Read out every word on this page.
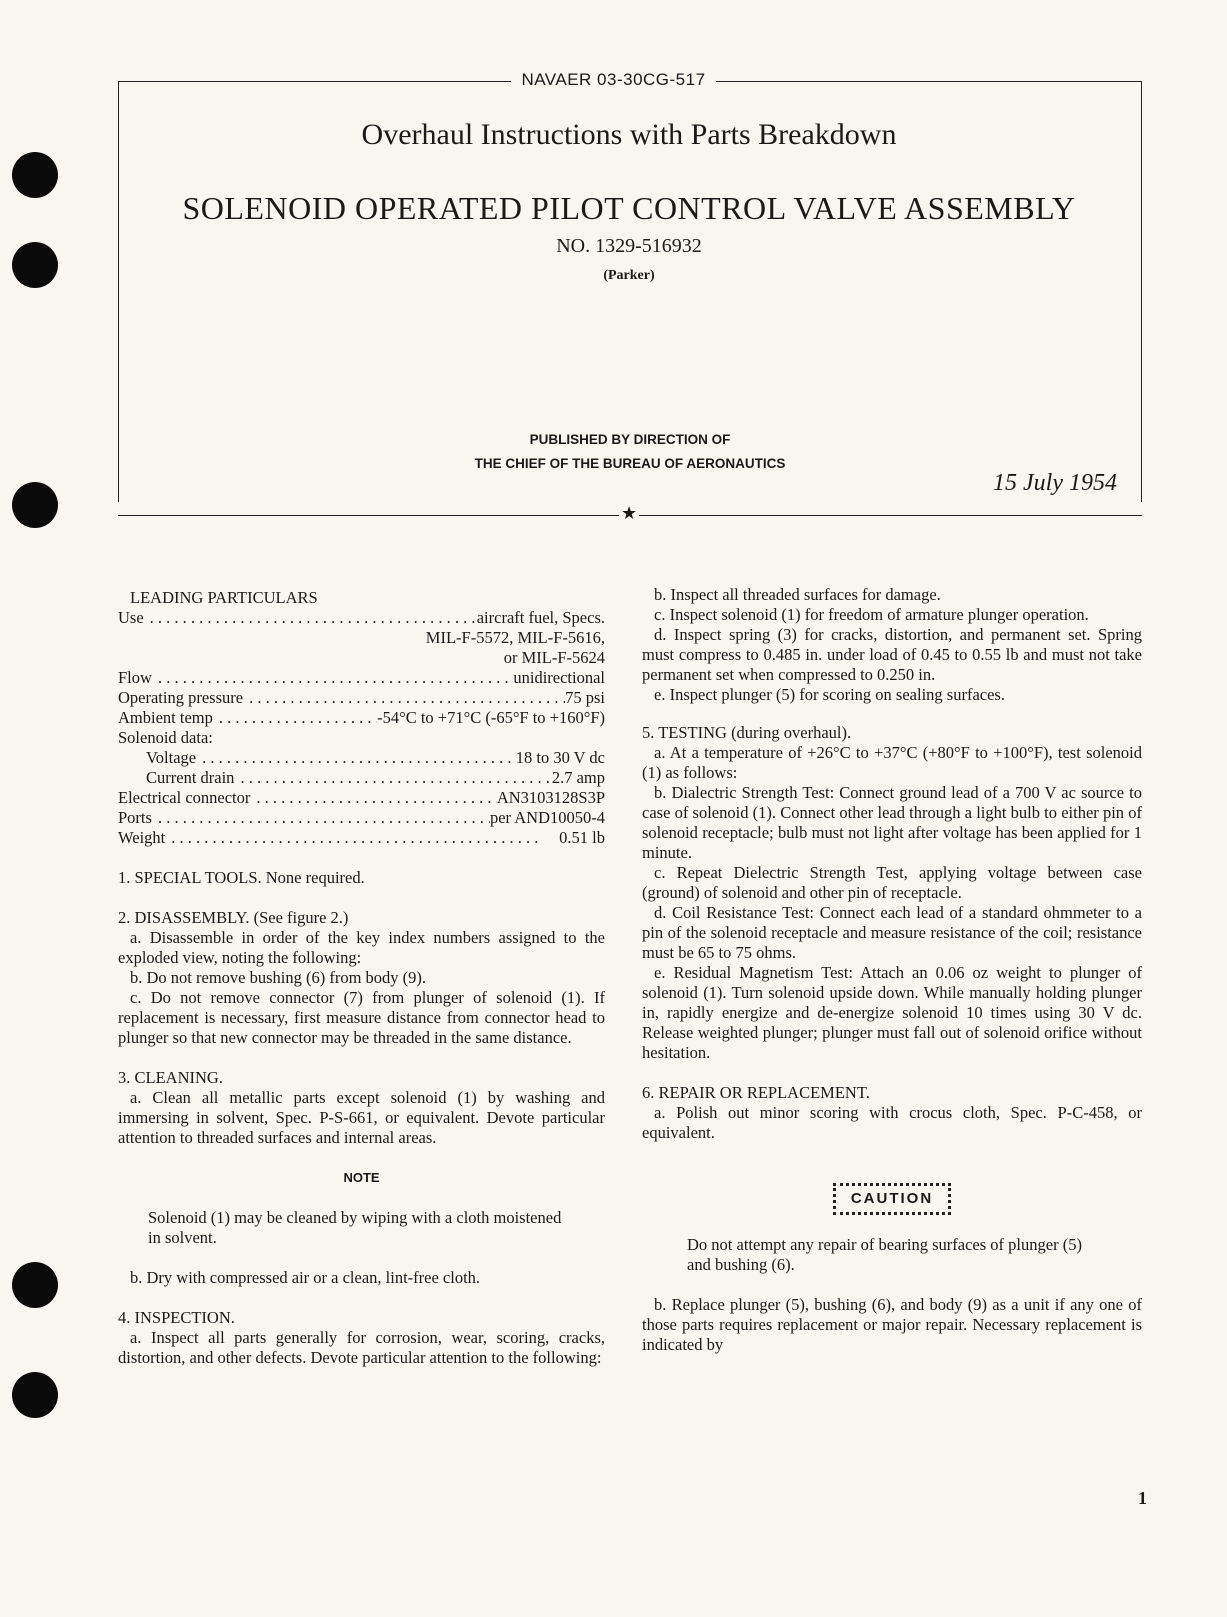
NAVAER 03-30CG-517
Overhaul Instructions with Parts Breakdown
SOLENOID OPERATED PILOT CONTROL VALVE ASSEMBLY
NO. 1329-516932
(Parker)
PUBLISHED BY DIRECTION OF
THE CHIEF OF THE BUREAU OF AERONAUTICS
15 July 1954
★

LEADING PARTICULARS

Use . . .	aircraft fuel, Specs.
MIL-F-5572, MIL-F-5616,
or MIL-F-5624
Flow . . .	unidirectional
Operating pressure . . .	75 psi
Ambient temp . . .	-54°C to +71°C (-65°F to +160°F)
Solenoid data:
Voltage . . .	18 to 30 V dc
Current drain . . .	2.7 amp
Electrical connector . . .	AN3103128S3P
Ports . . .	per AND10050-4
Weight . . .	0.51 lb

1. SPECIAL TOOLS. None required.

2. DISASSEMBLY. (See figure 2.)

a. Disassemble in order of the key index numbers assigned to the exploded view, noting the following:

b. Do not remove bushing (6) from body (9).

c. Do not remove connector (7) from plunger of solenoid (1). If replacement is necessary, first measure distance from connector head to plunger so that new connector may be threaded in the same distance.

3. CLEANING.

a. Clean all metallic parts except solenoid (1) by washing and immersing in solvent, Spec. P-S-661, or equivalent. Devote particular attention to threaded surfaces and internal areas.

NOTE

Solenoid (1) may be cleaned by wiping with a cloth moistened in solvent.

b. Dry with compressed air or a clean, lint-free cloth.

4. INSPECTION.

a. Inspect all parts generally for corrosion, wear, scoring, cracks, distortion, and other defects. Devote particular attention to the following:

b. Inspect all threaded surfaces for damage.

c. Inspect solenoid (1) for freedom of armature plunger operation.

d. Inspect spring (3) for cracks, distortion, and permanent set. Spring must compress to 0.485 in. under load of 0.45 to 0.55 lb and must not take permanent set when compressed to 0.250 in.

e. Inspect plunger (5) for scoring on sealing surfaces.

5. TESTING (during overhaul).

a. At a temperature of +26°C to +37°C (+80°F to +100°F), test solenoid (1) as follows:

b. Dialectric Strength Test: Connect ground lead of a 700 V ac source to case of solenoid (1). Connect other lead through a light bulb to either pin of solenoid receptacle; bulb must not light after voltage has been applied for 1 minute.

c. Repeat Dielectric Strength Test, applying voltage between case (ground) of solenoid and other pin of receptacle.

d. Coil Resistance Test: Connect each lead of a standard ohmmeter to a pin of the solenoid receptacle and measure resistance of the coil; resistance must be 65 to 75 ohms.

e. Residual Magnetism Test: Attach an 0.06 oz weight to plunger of solenoid (1). Turn solenoid upside down. While manually holding plunger in, rapidly energize and de-energize solenoid 10 times using 30 V dc. Release weighted plunger; plunger must fall out of solenoid orifice without hesitation.

6. REPAIR OR REPLACEMENT.

a. Polish out minor scoring with crocus cloth, Spec. P-C-458, or equivalent.

CAUTION

Do not attempt any repair of bearing surfaces of plunger (5) and bushing (6).

b. Replace plunger (5), bushing (6), and body (9) as a unit if any one of those parts requires replacement or major repair. Necessary replacement is indicated by

1
